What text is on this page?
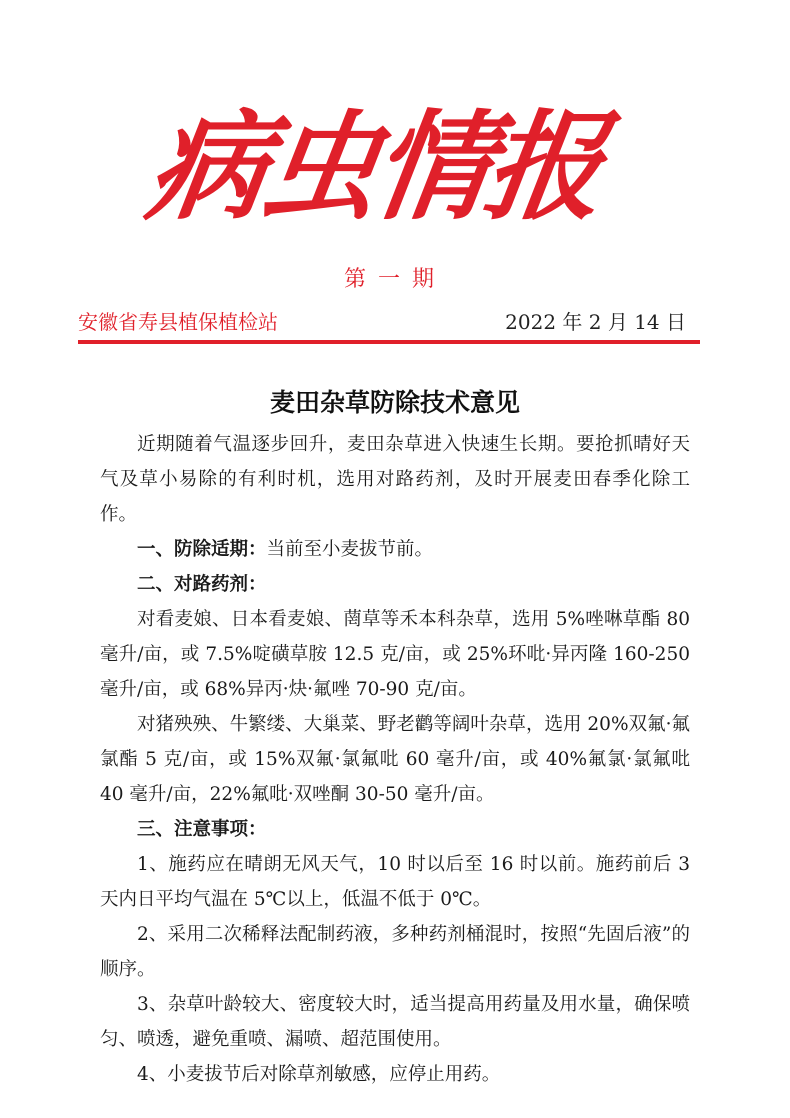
病虫情报
第一期
安徽省寿县植保植检站	2022 年 2 月 14 日
麦田杂草防除技术意见

近期随着气温逐步回升，麦田杂草进入快速生长期。要抢抓晴好天气及草小易除的有利时机，选用对路药剂，及时开展麦田春季化除工作。

一、防除适期：当前至小麦拔节前。

二、对路药剂：

对看麦娘、日本看麦娘、菵草等禾本科杂草，选用 5%唑啉草酯 80 毫升/亩，或 7.5%啶磺草胺 12.5 克/亩，或 25%环吡·异丙隆 160-250 毫升/亩，或 68%异丙·炔·氟唑 70-90 克/亩。

对猪殃殃、牛繁缕、大巢菜、野老鹳等阔叶杂草，选用 20%双氟·氟氯酯 5 克/亩，或 15%双氟·氯氟吡 60 毫升/亩，或 40%氟氯·氯氟吡 40 毫升/亩，22%氟吡·双唑酮 30-50 毫升/亩。

三、注意事项：

1、施药应在晴朗无风天气，10 时以后至 16 时以前。施药前后 3 天内日平均气温在 5℃以上，低温不低于 0℃。

2、采用二次稀释法配制药液，多种药剂桶混时，按照“先固后液”的顺序。

3、杂草叶龄较大、密度较大时，适当提高用药量及用水量，确保喷匀、喷透，避免重喷、漏喷、超范围使用。

4、小麦拔节后对除草剂敏感，应停止用药。
